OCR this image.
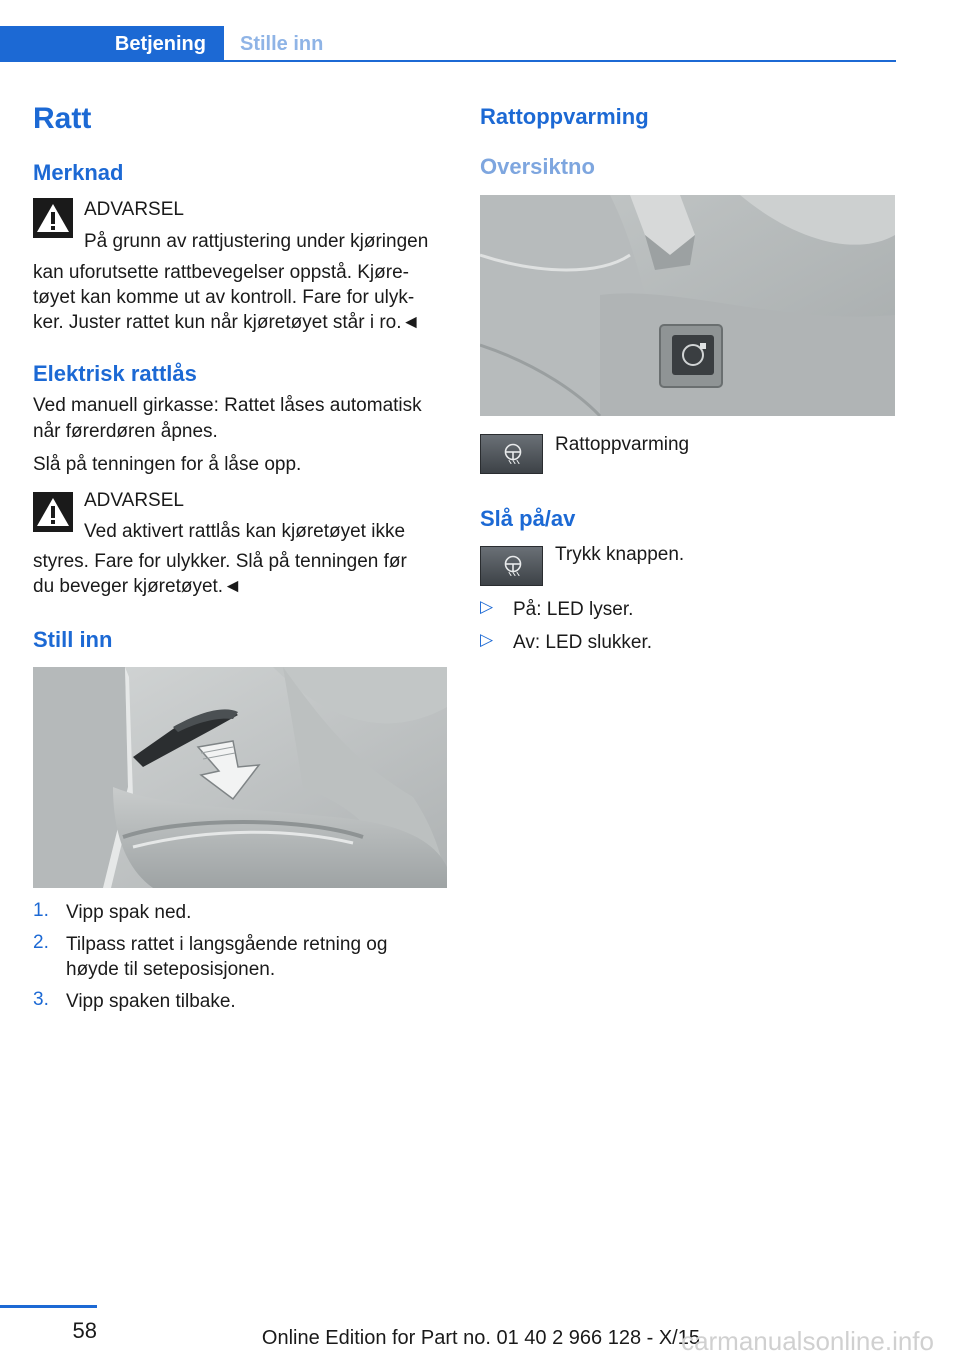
Betjening	Stille inn
Ratt
Merknad
ADVARSEL
På grunn av rattjustering under kjøringen
kan uforutsette rattbevegelser oppstå. Kjøre-
tøyet kan komme ut av kontroll. Fare for ulyk-
ker. Juster rattet kun når kjøretøyet står i ro.◄
Elektrisk rattlås
Ved manuell girkasse: Rattet låses automatisk
når førerdøren åpnes.
Slå på tenningen for å låse opp.
ADVARSEL
Ved aktivert rattlås kan kjøretøyet ikke
styres. Fare for ulykker. Slå på tenningen før
du beveger kjøretøyet.◄
Still inn
1. Vipp spak ned.
2. Tilpass rattet i langsgående retning og
høyde til seteposisjonen.
3. Vipp spaken tilbake.
Rattoppvarming
Oversiktno
Rattoppvarming
Slå på/av
Trykk knappen.
▷ På: LED lyser.
▷ Av: LED slukker.
58	Online Edition for Part no. 01 40 2 966 128 - X/15
carmanualsonline.info
